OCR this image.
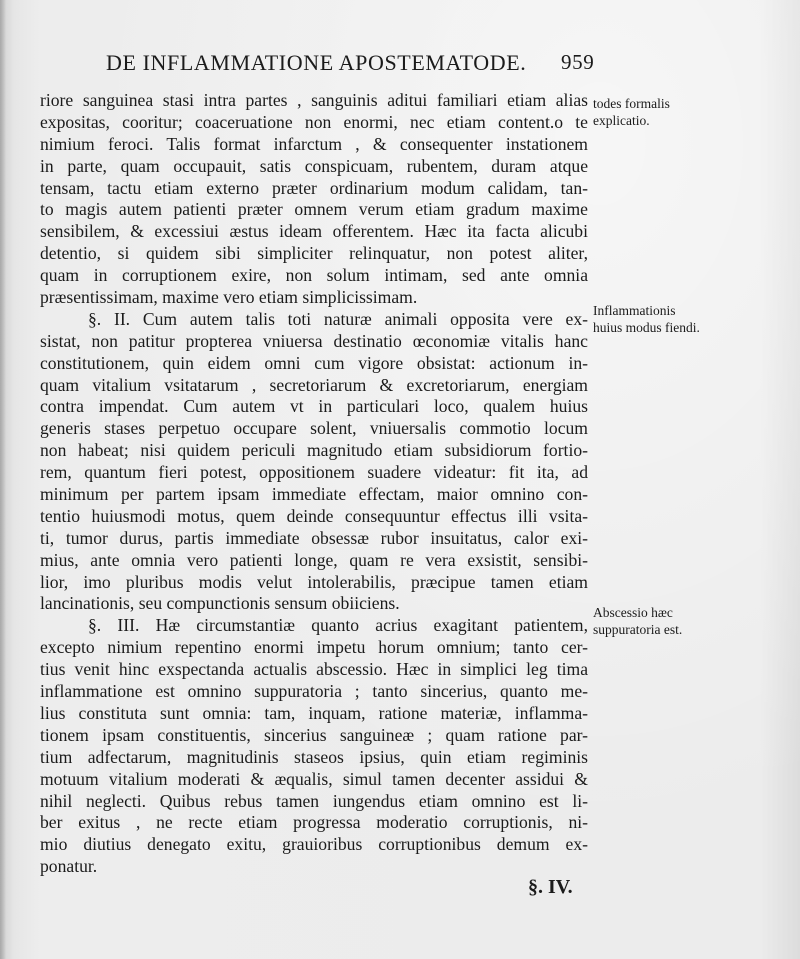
DE INFLAMMATIONE APOSTEMATODE. 959
riore sanguinea stasi intra partes , sanguinis aditui familiari etiam alias
expositas, cooritur; coaceruatione non enormi, nec etiam content.o te
nimium feroci. Talis format infarctum , & consequenter instationem
in parte, quam occupauit, satis conspicuam, rubentem, duram atque
tensam, tactu etiam externo præter ordinarium modum calidam, tan-
to magis autem patienti præter omnem verum etiam gradum maxime
sensibilem, & excessiui æstus ideam offerentem. Hæc ita facta alicubi
detentio, si quidem sibi simpliciter relinquatur, non potest aliter,
quam in corruptionem exire, non solum intimam, sed ante omnia
præsentissimam, maxime vero etiam simplicissimam.
§. II. Cum autem talis toti naturæ animali opposita vere ex-
sistat, non patitur propterea vniuersa destinatio œconomiæ vitalis hanc
constitutionem, quin eidem omni cum vigore obsistat: actionum in-
quam vitalium vsitatarum , secretoriarum & excretoriarum, energiam
contra impendat. Cum autem vt in particulari loco, qualem huius
generis stases perpetuo occupare solent, vniuersalis commotio locum
non habeat; nisi quidem periculi magnitudo etiam subsidiorum fortio-
rem, quantum fieri potest, oppositionem suadere videatur: fit ita, ad
minimum per partem ipsam immediate effectam, maior omnino con-
tentio huiusmodi motus, quem deinde consequuntur effectus illi vsita-
ti, tumor durus, partis immediate obsessæ rubor insuitatus, calor exi-
mius, ante omnia vero patienti longe, quam re vera exsistit, sensibi-
lior, imo pluribus modis velut intolerabilis, præcipue tamen etiam
lancinationis, seu compunctionis sensum obiiciens.
§. III. Hæ circumstantiæ quanto acrius exagitant patientem,
excepto nimium repentino enormi impetu horum omnium; tanto cer-
tius venit hinc exspectanda actualis abscessio. Hæc in simplici leg tima
inflammatione est omnino suppuratoria ; tanto sincerius, quanto me-
lius constituta sunt omnia: tam, inquam, ratione materiæ, inflamma-
tionem ipsam constituentis, sincerius sanguineæ ; quam ratione par-
tium adfectarum, magnitudinis staseos ipsius, quin etiam regiminis
motuum vitalium moderati & æqualis, simul tamen decenter assidui &
nihil neglecti. Quibus rebus tamen iungendus etiam omnino est li-
ber exitus , ne recte etiam progressa moderatio corruptionis, ni-
mio diutius denegato exitu, grauioribus corruptionibus demum ex-
ponatur.
todes formalis explicatio.
Inflammationis huius modus fiendi.
Abscessio hæc suppuratoria est.
§. IV.
